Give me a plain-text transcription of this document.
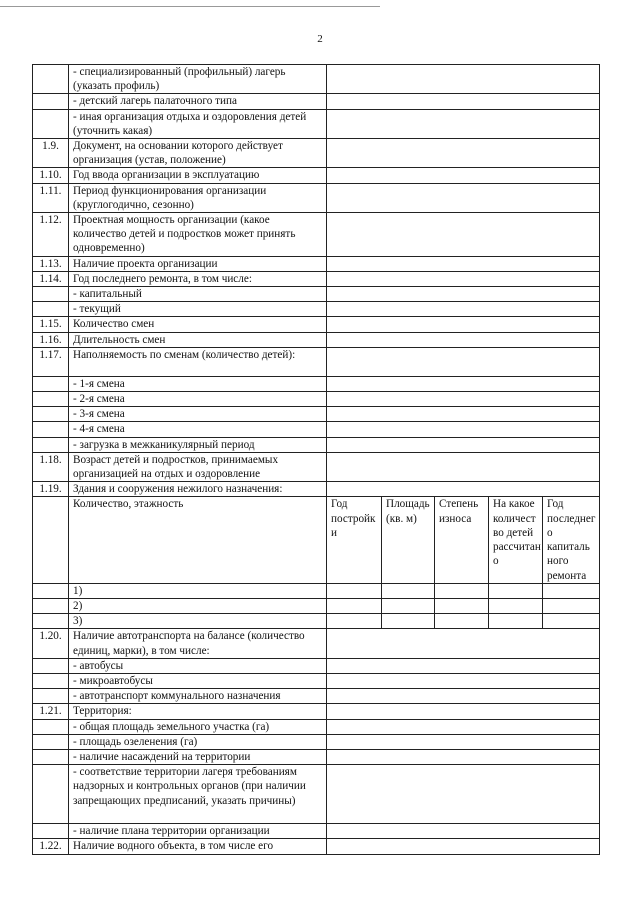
2
	- специализированный (профильный) лагерь (указать профиль)					
	- детский лагерь палаточного типа					
	- иная организация отдыха и оздоровления детей (уточнить какая)					
1.9.	Документ, на основании которого действует организация (устав, положение)					
1.10.	Год ввода организации в эксплуатацию					
1.11.	Период функционирования организации (круглогодично, сезонно)					
1.12.	Проектная мощность организации (какое количество детей и подростков может принять одновременно)					
1.13.	Наличие проекта организации					
1.14.	Год последнего ремонта, в том числе:					
	- капитальный					
	- текущий					
1.15.	Количество смен					
1.16.	Длительность смен					
1.17.	Наполняемость по сменам (количество детей):					
	- 1-я смена					
	- 2-я смена					
	- 3-я смена					
	- 4-я смена					
	- загрузка в межканикулярный период					
1.18.	Возраст детей и подростков, принимаемых организацией на отдых и оздоровление					
1.19.	Здания и сооружения нежилого назначения:					
	Количество, этажность	Год постройк и	Площадь (кв. м)	Степень износа	На какое количест во детей рассчитан о	Год последнег о капиталь ного ремонта
	1)					
	2)					
	3)					
1.20.	Наличие автотранспорта на балансе (количество единиц, марки), в том числе:					
	- автобусы					
	- микроавтобусы					
	- автотранспорт коммунального назначения					
1.21.	Территория:					
	- общая площадь земельного участка (га)					
	- площадь озеленения (га)					
	- наличие насаждений на территории					
	- соответствие территории лагеря требованиям надзорных и контрольных органов (при наличии запрещающих предписаний, указать причины)					
	- наличие плана территории организации					
1.22.	Наличие водного объекта, в том числе его					
